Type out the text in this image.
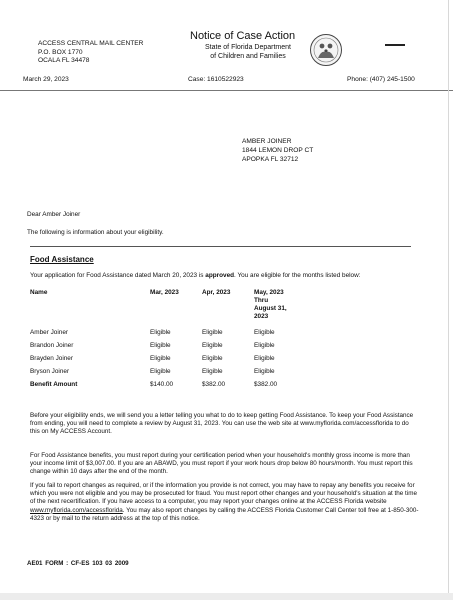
Notice of Case Action
State of Florida Department
of Children and Families
ACCESS CENTRAL MAIL CENTER
P.O. BOX 1770
OCALA FL 34478
March 29, 2023	Case: 1610522923	Phone: (407) 245-1500
AMBER JOINER
1844 LEMON DROP CT
APOPKA FL 32712
Dear Amber Joiner
The following is information about your eligibility.
Food Assistance
Your application for Food Assistance dated March 20, 2023 is approved. You are eligible for the months listed below:
Name	Mar, 2023	Apr, 2023	May, 2023
Thru
August 31,
2023

Amber Joiner	Eligible	Eligible	Eligible
Brandon Joiner	Eligible	Eligible	Eligible
Brayden Joiner	Eligible	Eligible	Eligible
Bryson Joiner	Eligible	Eligible	Eligible
Benefit Amount	$140.00	$382.00	$382.00
Before your eligibility ends, we will send you a letter telling you what to do to keep getting Food Assistance. To keep your Food Assistance from ending, you will need to complete a review by August 31, 2023. You can use the web site at www.myflorida.com/accessflorida to do this on My ACCESS Account.
For Food Assistance benefits, you must report during your certification period when your household's monthly gross income is more than your income limit of $3,007.00. If you are an ABAWD, you must report if your work hours drop below 80 hours/month. You must report this change within 10 days after the end of the month.
If you fail to report changes as required, or if the information you provide is not correct, you may have to repay any benefits you receive for which you were not eligible and you may be prosecuted for fraud. You must report other changes and your household's situation at the time of the next recertification. If you have access to a computer, you may report your changes online at the ACCESS Florida website www.myflorida.com/accessflorida. You may also report changes by calling the ACCESS Florida Customer Call Center toll free at 1-850-300-4323 or by mail to the return address at the top of this notice.
AE01 FORM : CF-ES 103 03 2009
